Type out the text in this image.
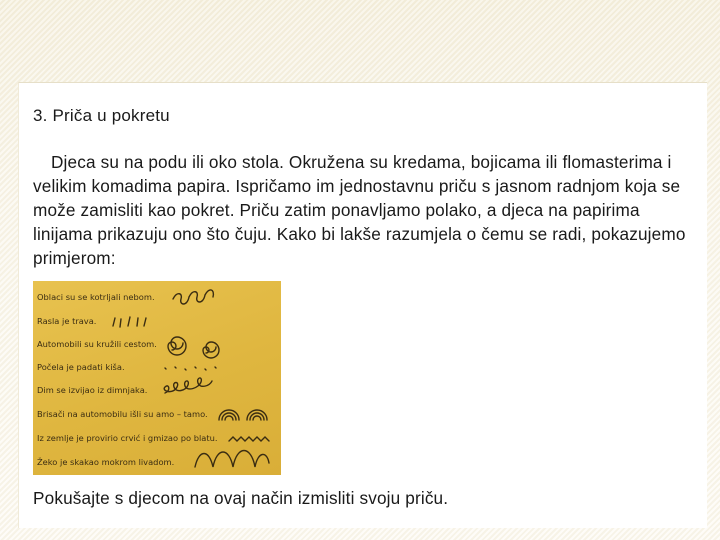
3. Priča u pokretu
Djeca su na podu ili oko stola. Okružena su kredama, bojicama ili flomasterima i velikim komadima papira. Ispričamo im jednostavnu priču s jasnom radnjom koja se može zamisliti kao pokret. Priču zatim ponavljamo polako, a djeca na papirima linijama prikazuju ono što čuju. Kako bi lakše razumjela o čemu se radi, pokazujemo primjerom:
Oblaci su se kotrljali nebom.
Rasla je trava.
Automobili su kružili cestom.
Počela je padati kiša.
Dim se izvijao iz dimnjaka.
Brisači na automobilu išli su amo – tamo.
Iz zemlje je provirio crvić i gmizao po blatu.
Žeko je skakao mokrom livadom.
Pokušajte s djecom na ovaj način izmisliti svoju priču.
